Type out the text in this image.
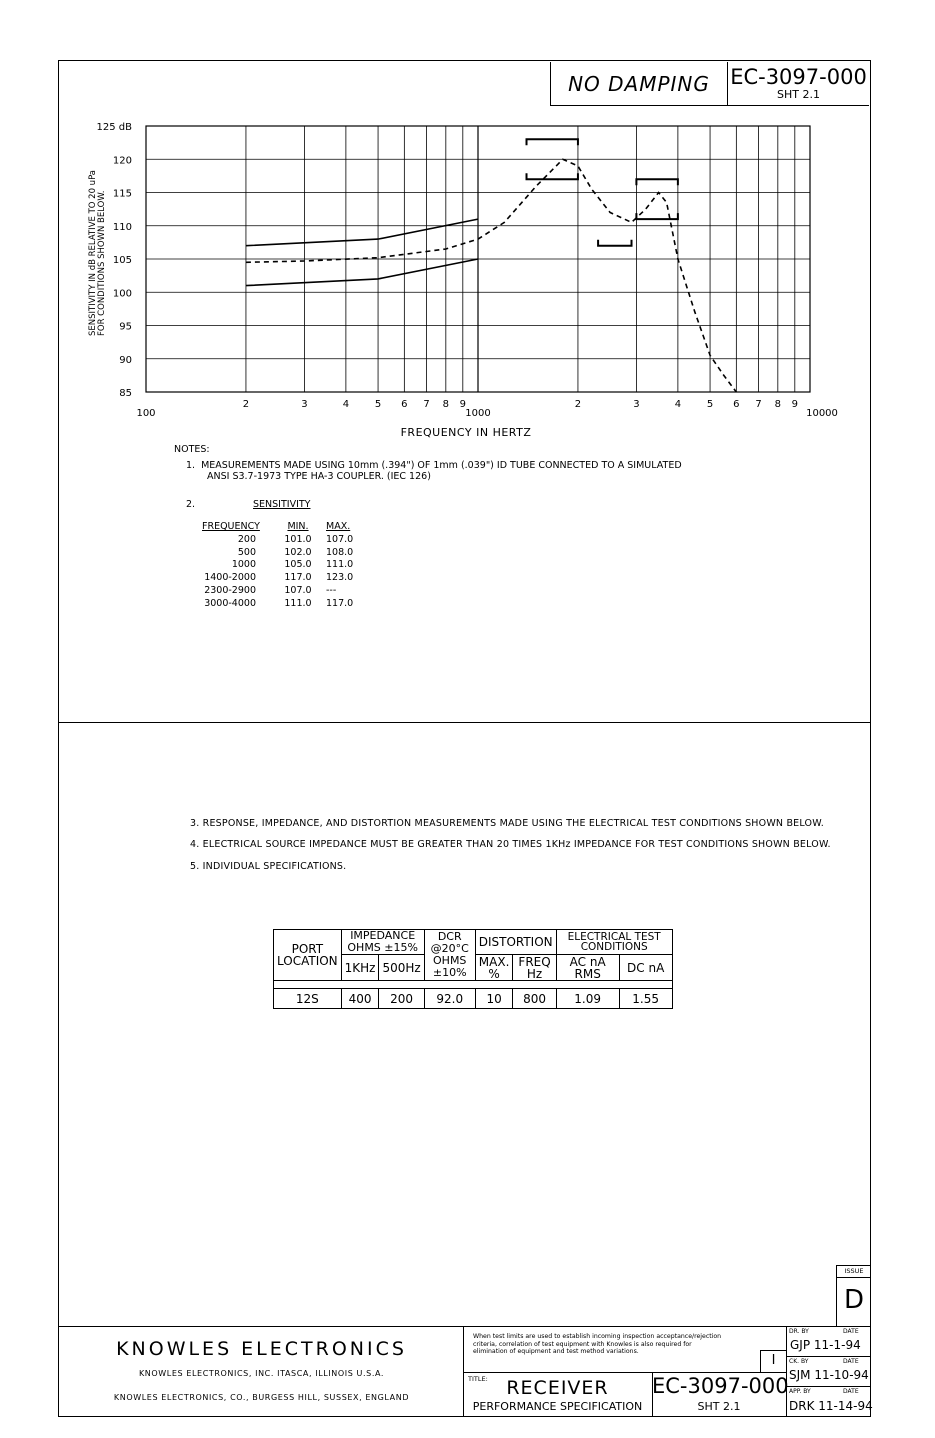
NO DAMPING EC-3097-000
SHT 2.1
125 dB
120
115
110
105
100
95
90
85
100
2	3	4	5 6 7 8 9
1000
2	3	4	5 6 7 8 9
10000
FREQUENCY IN HERTZ
SENSITIVITY IN dB RELATIVE TO 20 uPa FOR CONDITIONS SHOWN BELOW.
NOTES:
1.  MEASUREMENTS MADE USING 10mm (.394") OF 1mm (.039") ID TUBE CONNECTED TO A SIMULATED
ANSI S3.7-1973 TYPE HA-3 COUPLER. (IEC 126)
2.	SENSITIVITY
FREQUENCY	MIN.	MAX.
200	101.0	107.0
500	102.0	108.0
1000	105.0	111.0
1400-2000	117.0	123.0
2300-2900	107.0	---
3000-4000	111.0	117.0
3. RESPONSE, IMPEDANCE, AND DISTORTION MEASUREMENTS MADE USING THE ELECTRICAL TEST CONDITIONS SHOWN BELOW.
4. ELECTRICAL SOURCE IMPEDANCE MUST BE GREATER THAN 20 TIMES 1KHz IMPEDANCE FOR TEST CONDITIONS SHOWN BELOW.
5. INDIVIDUAL SPECIFICATIONS.
PORT LOCATION	IMPEDANCE OHMS ±15%		DCR @20°C OHMS ±10%	DISTORTION		ELECTRICAL TEST CONDITIONS	
	1KHz	500Hz		MAX. %	FREQ Hz	AC nA RMS	DC nA

12S	400	200	92.0	10	800	1.09	1.55
ISSUE
D
I
KNOWLES ELECTRONICS
KNOWLES ELECTRONICS, INC. ITASCA, ILLINOIS U.S.A.
KNOWLES ELECTRONICS, CO., BURGESS HILL, SUSSEX, ENGLAND
When test limits are used to establish incoming inspection acceptance/rejection
criteria, correlation of test equipment with Knowles is also required for
elimination of equipment and test method variations.
TITLE: RECEIVER
PERFORMANCE SPECIFICATION
EC-3097-000
SHT 2.1
DR. BY	DATE
GJP 11-1-94
CK. BY	DATE
SJM 11-10-94
APP. BY	DATE
DRK 11-14-94
